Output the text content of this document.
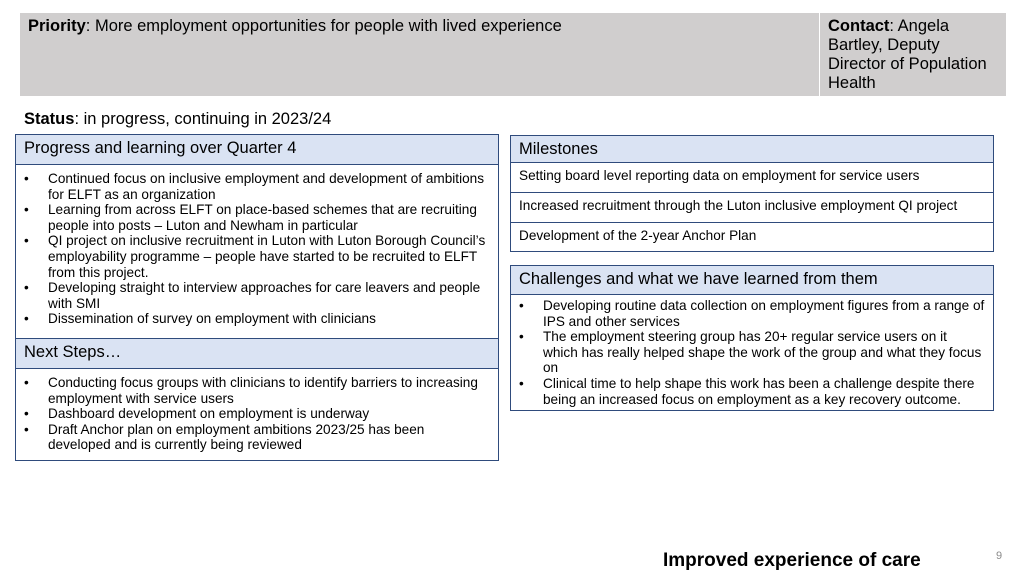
Priority: More employment opportunities for people with lived experience	Contact: Angela Bartley, Deputy Director of Population Health
Status: in progress, continuing in 2023/24
Progress and learning over Quarter 4
• Continued focus on inclusive employment and development of ambitions for ELFT as an organization
• Learning from across ELFT on place-based schemes that are recruiting people into posts – Luton and Newham in particular
• QI project on inclusive recruitment in Luton with Luton Borough Council’s employability programme – people have started to be recruited to ELFT from this project.
• Developing straight to interview approaches for care leavers and people with SMI
• Dissemination of survey on employment with clinicians
Next Steps…
• Conducting focus groups with clinicians to identify barriers to increasing employment with service users
• Dashboard development on employment is underway
• Draft Anchor plan on employment ambitions 2023/25 has been developed and is currently being reviewed
Milestones
Setting board level reporting data on employment for service users
Increased recruitment through the Luton inclusive employment QI project
Development of the 2-year Anchor Plan
Challenges and what we have learned from them
• Developing routine data collection on employment figures from a range of IPS and other services
• The employment steering group has 20+ regular service users on it which has really helped shape the work of the group and what they focus on
• Clinical time to help shape this work has been a challenge despite there being an increased focus on employment as a key recovery outcome.
Improved experience of care	9
